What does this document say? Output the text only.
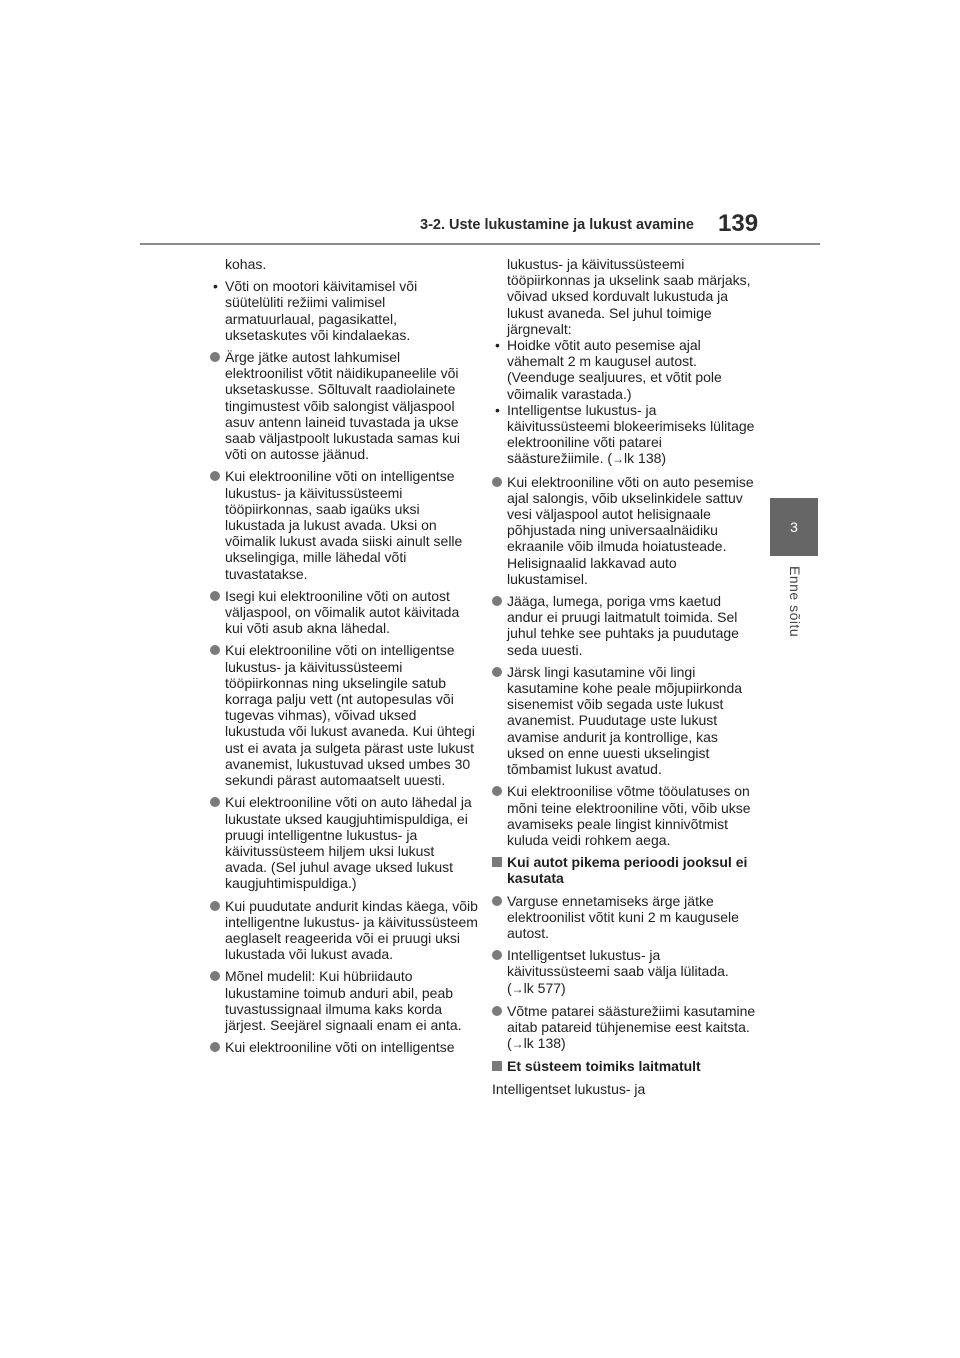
3-2. Uste lukustamine ja lukust avamine 139
3
Enne sõitu
kohas.
• Võti on mootori käivitamisel või süütelüliti režiimi valimisel armatuurlaual, pagasikattel, uksetaskutes või kindalaekas.
Ärge jätke autost lahkumisel elektroonilist võtit näidikupaneelile või uksetaskusse. Sõltuvalt raadiolainete tingimustest võib salongist väljaspool asuv antenn laineid tuvastada ja ukse saab väljastpoolt lukustada samas kui võti on autosse jäänud.
Kui elektrooniline võti on intelligentse lukustus- ja käivitussüsteemi tööpiirkonnas, saab igaüks uksi lukustada ja lukust avada. Uksi on võimalik lukust avada siiski ainult selle ukselingiga, mille lähedal võti tuvastatakse.
Isegi kui elektrooniline võti on autost väljaspool, on võimalik autot käivitada kui võti asub akna lähedal.
Kui elektrooniline võti on intelligentse lukustus- ja käivitussüsteemi tööpiirkonnas ning ukselingile satub korraga palju vett (nt autopesulas või tugevas vihmas), võivad uksed lukustuda või lukust avaneda. Kui ühtegi ust ei avata ja sulgeta pärast uste lukust avanemist, lukustuvad uksed umbes 30 sekundi pärast automaatselt uuesti.
Kui elektrooniline võti on auto lähedal ja lukustate uksed kaugjuhtimispuldiga, ei pruugi intelligentne lukustus- ja käivitussüsteem hiljem uksi lukust avada. (Sel juhul avage uksed lukust kaugjuhtimispuldiga.)
Kui puudutate andurit kindas käega, võib intelligentne lukustus- ja käivitussüsteem aeglaselt reageerida või ei pruugi uksi lukustada või lukust avada.
Mõnel mudelil: Kui hübriidauto lukustamine toimub anduri abil, peab tuvastussignaal ilmuma kaks korda järjest. Seejärel signaali enam ei anta.
Kui elektrooniline võti on intelligentse
lukustus- ja käivitussüsteemi tööpiirkonnas ja ukselink saab märjaks, võivad uksed korduvalt lukustuda ja lukust avaneda. Sel juhul toimige järgnevalt:
• Hoidke võtit auto pesemise ajal vähemalt 2 m kaugusel autost. (Veenduge sealjuures, et võtit pole võimalik varastada.)
• Intelligentse lukustus- ja käivitussüsteemi blokeerimiseks lülitage elektrooniline võti patarei säästurežiimile. (→lk 138)
Kui elektrooniline võti on auto pesemise ajal salongis, võib ukselinkidele sattuv vesi väljaspool autot helisignaale põhjustada ning universaalnäidiku ekraanile võib ilmuda hoiatusteade. Helisignaalid lakkavad auto lukustamisel.
Jääga, lumega, poriga vms kaetud andur ei pruugi laitmatult toimida. Sel juhul tehke see puhtaks ja puudutage seda uuesti.
Järsk lingi kasutamine või lingi kasutamine kohe peale mõjupiirkonda sisenemist võib segada uste lukust avanemist. Puudutage uste lukust avamise andurit ja kontrollige, kas uksed on enne uuesti ukselingist tõmbamist lukust avatud.
Kui elektroonilise võtme tööulatuses on mõni teine elektrooniline võti, võib ukse avamiseks peale lingist kinnivõtmist kuluda veidi rohkem aega.
Kui autot pikema perioodi jooksul ei kasutata
Varguse ennetamiseks ärge jätke elektroonilist võtit kuni 2 m kaugusele autost.
Intelligentset lukustus- ja käivitussüsteemi saab välja lülitada.
(→lk 577)
Võtme patarei säästurežiimi kasutamine aitab patareid tühjenemise eest kaitsta. (→lk 138)
Et süsteem toimiks laitmatult
Intelligentset lukustus- ja
